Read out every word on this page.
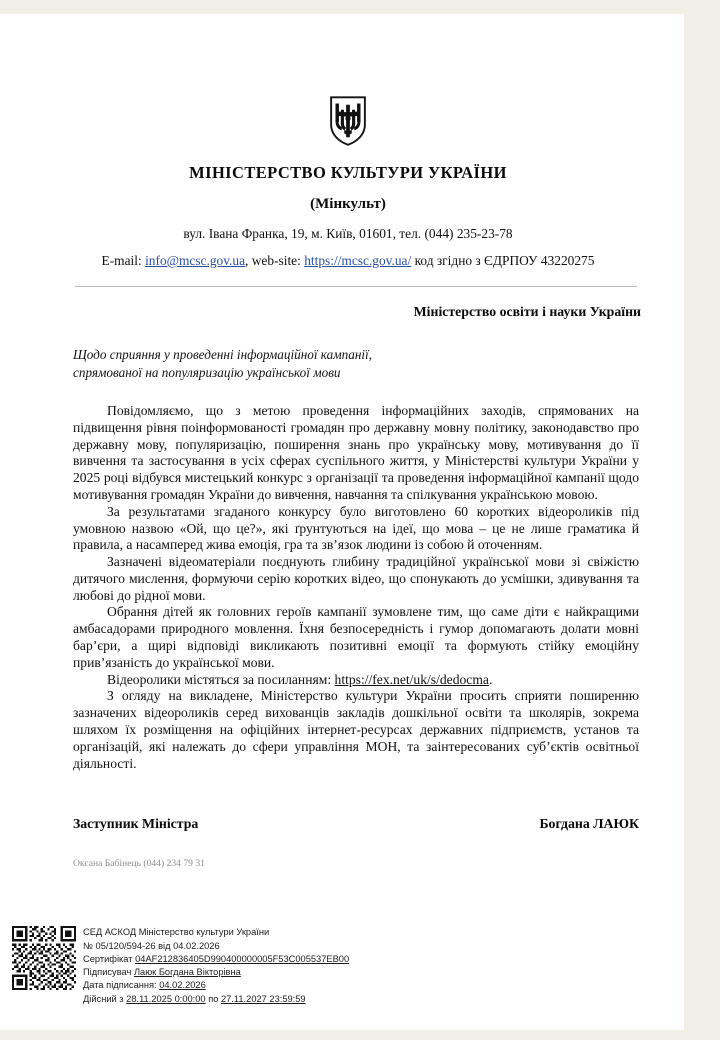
МІНІСТЕРСТВО КУЛЬТУРИ УКРАЇНИ
(Мінкульт)
вул. Івана Франка, 19, м. Київ, 01601, тел. (044) 235-23-78
E-mail: info@mcsc.gov.ua, web-site: https://mcsc.gov.ua/ код згідно з ЄДРПОУ 43220275
Міністерство освіти і науки України
Щодо сприяння у проведенні інформаційної кампанії,
спрямованої на популяризацію української мови

Повідомляємо, що з метою проведення інформаційних заходів, спрямованих на підвищення рівня поінформованості громадян про державну мовну політику, законодавство про державну мову, популяризацію, поширення знань про українську мову, мотивування до її вивчення та застосування в усіх сферах суспільного життя, у Міністерстві культури України у 2025 році відбувся мистецький конкурс з організації та проведення інформаційної кампанії щодо мотивування громадян України до вивчення, навчання та спілкування українською мовою.

За результатами згаданого конкурсу було виготовлено 60 коротких відеороликів під умовною назвою «Ой, що це?», які ґрунтуються на ідеї, що мова – це не лише граматика й правила, а насамперед жива емоція, гра та зв’язок людини із собою й оточенням.

Зазначені відеоматеріали поєднують глибину традиційної української мови зі свіжістю дитячого мислення, формуючи серію коротких відео, що спонукають до усмішки, здивування та любові до рідної мови.

Обрання дітей як головних героїв кампанії зумовлене тим, що саме діти є найкращими амбасадорами природного мовлення. Їхня безпосередність і гумор допомагають долати мовні бар’єри, а щирі відповіді викликають позитивні емоції та формують стійку емоційну прив’язаність до української мови.

Відеоролики містяться за посиланням: https://fex.net/uk/s/dedocma.

З огляду на викладене, Міністерство культури України просить сприяти поширенню зазначених відеороликів серед вихованців закладів дошкільної освіти та школярів, зокрема шляхом їх розміщення на офіційних інтернет-ресурсах державних підприємств, установ та організацій, які належать до сфери управління МОН, та заінтересованих суб’єктів освітньої діяльності.

Заступник Міністра	Богдана ЛАЮК
Оксана Бабінець (044) 234 79 31
СЕД АСКОД Міністерство культури України
№ 05/120/594-26 від 04.02.2026
Сертифікат 04AF212836405D990400000005F53C005537EB00
Підписувач Лаюк Богдана Вікторівна
Дата підписання: 04.02.2026
Дійсний з 28.11.2025 0:00:00 по 27.11.2027 23:59:59
